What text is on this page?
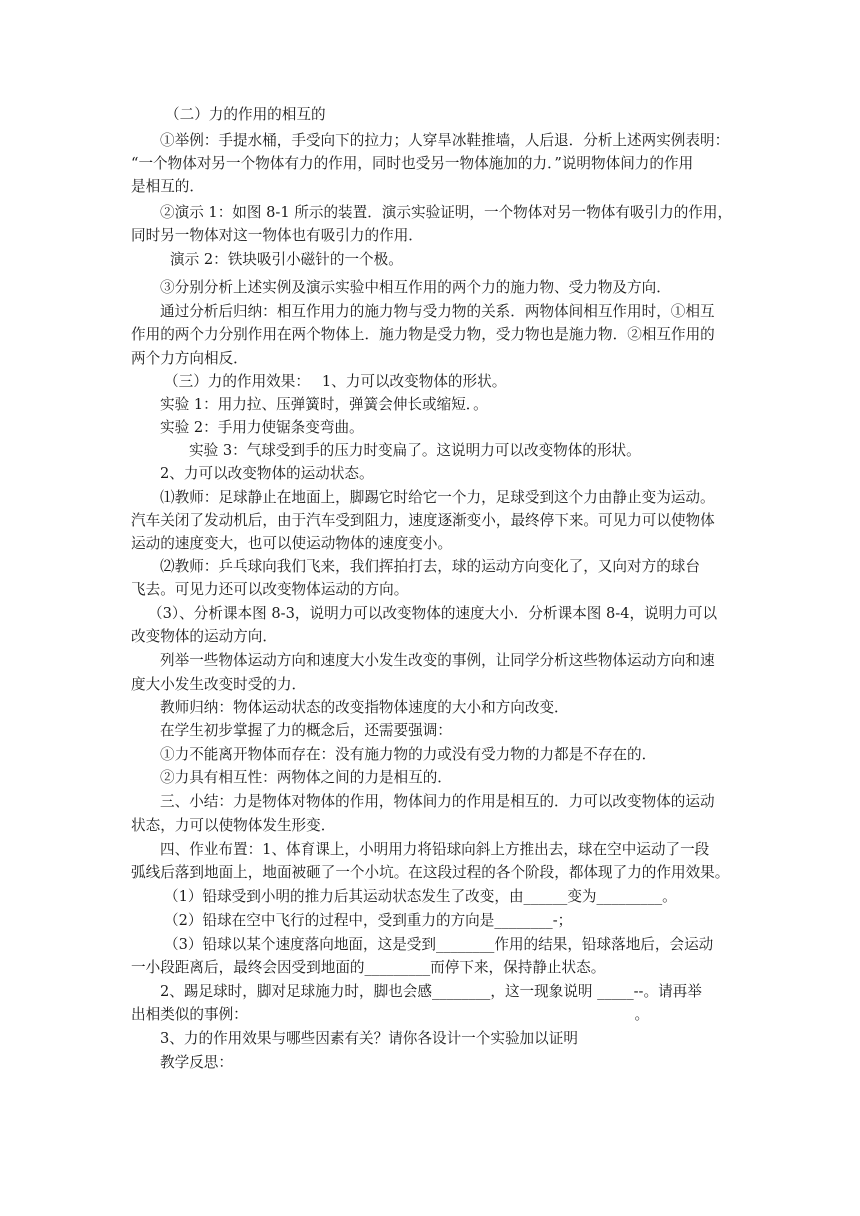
（二）力的作用的相互的
①举例：手提水桶，手受向下的拉力；人穿旱冰鞋推墙，人后退．分析上述两实例表明：
“一个物体对另一个物体有力的作用，同时也受另一物体施加的力．”说明物体间力的作用
是相互的．
②演示 1：如图 8-1 所示的装置．演示实验证明，一个物体对另一物体有吸引力的作用，
同时另一物体对这一物体也有吸引力的作用．
演示 2：铁块吸引小磁针的一个极。
③分别分析上述实例及演示实验中相互作用的两个力的施力物、受力物及方向．
通过分析后归纳：相互作用力的施力物与受力物的关系．两物体间相互作用时，①相互
作用的两个力分别作用在两个物体上．施力物是受力物，受力物也是施力物．②相互作用的
两个力方向相反．
（三）力的作用效果：　 1、力可以改变物体的形状。
实验 1：用力拉、压弹簧时，弹簧会伸长或缩短．。
实验 2：手用力使锯条变弯曲。
实验 3：气球受到手的压力时变扁了。这说明力可以改变物体的形状。
2、力可以改变物体的运动状态。
⑴教师：足球静止在地面上，脚踢它时给它一个力，足球受到这个力由静止变为运动。
汽车关闭了发动机后，由于汽车受到阻力，速度逐渐变小，最终停下来。可见力可以使物体
运动的速度变大，也可以使运动物体的速度变小。
⑵教师：乒乓球向我们飞来，我们挥拍打去，球的运动方向变化了，又向对方的球台
飞去。可见力还可以改变物体运动的方向。
（3）、分析课本图 8-3，说明力可以改变物体的速度大小．分析课本图 8-4，说明力可以
改变物体的运动方向．
列举一些物体运动方向和速度大小发生改变的事例，让同学分析这些物体运动方向和速
度大小发生改变时受的力．
教师归纳：物体运动状态的改变指物体速度的大小和方向改变．
在学生初步掌握了力的概念后，还需要强调：
①力不能离开物体而存在：没有施力物的力或没有受力物的力都是不存在的．
②力具有相互性：两物体之间的力是相互的．
三、小结：力是物体对物体的作用，物体间力的作用是相互的．力可以改变物体的运动
状态，力可以使物体发生形变．
四、作业布置：1、体育课上，小明用力将铅球向斜上方推出去，球在空中运动了一段
弧线后落到地面上，地面被砸了一个小坑。在这段过程的各个阶段，都体现了力的作用效果。
（1）铅球受到小明的推力后其运动状态发生了改变，由______变为_________。
（2）铅球在空中飞行的过程中，受到重力的方向是________-；
（3）铅球以某个速度落向地面，这是受到________作用的结果，铅球落地后，会运动
一小段距离后，最终会因受到地面的_________而停下来，保持静止状态。
2、踢足球时，脚对足球施力时，脚也会感________，这一现象说明 _____--。请再举
出相类似的事例：　　　　　　　　　　　　　　　　　　　　　　　　　　　。
3、力的作用效果与哪些因素有关？请你各设计一个实验加以证明
教学反思：
